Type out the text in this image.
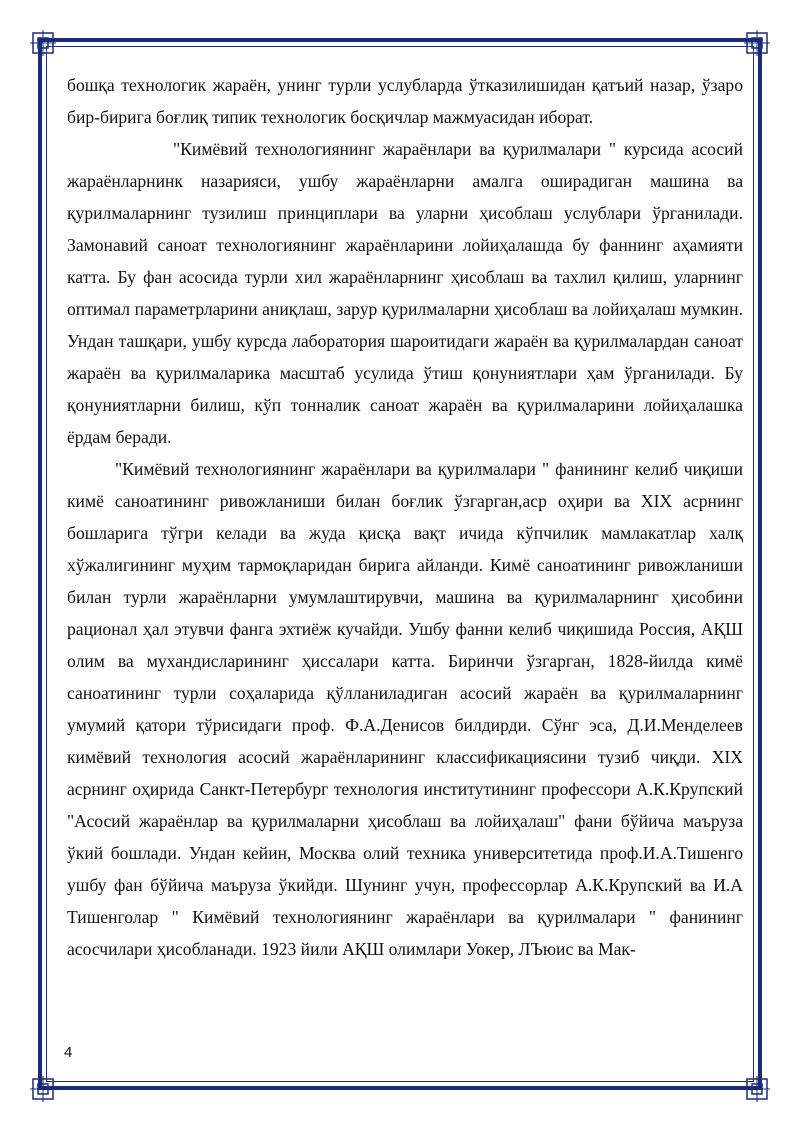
бошқа технологик жараён, унинг турли услубларда ўтказилишидан қатъий назар, ўзаро бир-бирига боғлиқ типик технологик босқичлар мажмуасидан иборат.

"Кимёвий технологиянинг жараёнлари ва қурилмалари " курсида асосий жараёнларнинк назарияси, ушбу жараёнларни амалга оширадиган машина ва қурилмаларнинг тузилиш принциплари ва уларни ҳисоблаш услублари ўрганилади. Замонавий саноат технологиянинг жараёнларини лойиҳалашда бу фаннинг аҳамияти катта. Бу фан асосида турли хил жараёнларнинг ҳисоблаш ва тахлил қилиш, уларнинг оптимал параметрларини аниқлаш, зарур қурилмаларни ҳисоблаш ва лойиҳалаш мумкин. Ундан ташқари, ушбу курсда лаборатория шароитидаги жараён ва қурилмалардан саноат жараён ва қурилмаларика масштаб усулида ўтиш қонуниятлари ҳам ўрганилади. Бу қонуниятларни билиш, кўп тонналик саноат жараён ва қурилмаларини лойиҳалашка ёрдам беради.

"Кимёвий технологиянинг жараёнлари ва қурилмалари " фанининг келиб чиқиши кимё саноатининг ривожланиши билан боғлик ўзгарган,аср оҳири ва XIX асрнинг бошларига тўгри келади ва жуда қисқа вақт ичида кўпчилик мамлакатлар халқ хўжалигининг муҳим тармоқларидан бирига айланди. Кимё саноатининг ривожланиши билан турли жараёнларни умумлаштирувчи, машина ва қурилмаларнинг ҳисобини рационал ҳал этувчи фанга эхтиёж кучайди. Ушбу фанни келиб чиқишида Россия, АҚШ олим ва мухандисларининг ҳиссалари катта. Биринчи ўзгарган, 1828-йилда кимё саноатининг турли соҳаларида қўлланиладиган асосий жараён ва қурилмаларнинг умумий қатори тўрисидаги проф. Ф.А.Денисов билдирди. Сўнг эса, Д.И.Менделеев кимёвий технология асосий жараёнларининг классификациясини тузиб чиқди. XIX асрнинг оҳирида Санкт-Петербург технология институтининг профессори А.К.Крупский "Асосий жараёнлар ва қурилмаларни ҳисоблаш ва лойиҳалаш" фани бўйича маъруза ўкий бошлади. Ундан кейин, Москва олий техника университетида проф.И.А.Тишенго ушбу фан бўйича маъруза ўкийди. Шунинг учун, профессорлар А.К.Крупский ва И.А Тишенголар " Кимёвий технологиянинг жараёнлари ва қурилмалари " фанининг асосчилари ҳисобланади. 1923 йили АҚШ олимлари Уокер, ЛЪюис ва Мак-

4
